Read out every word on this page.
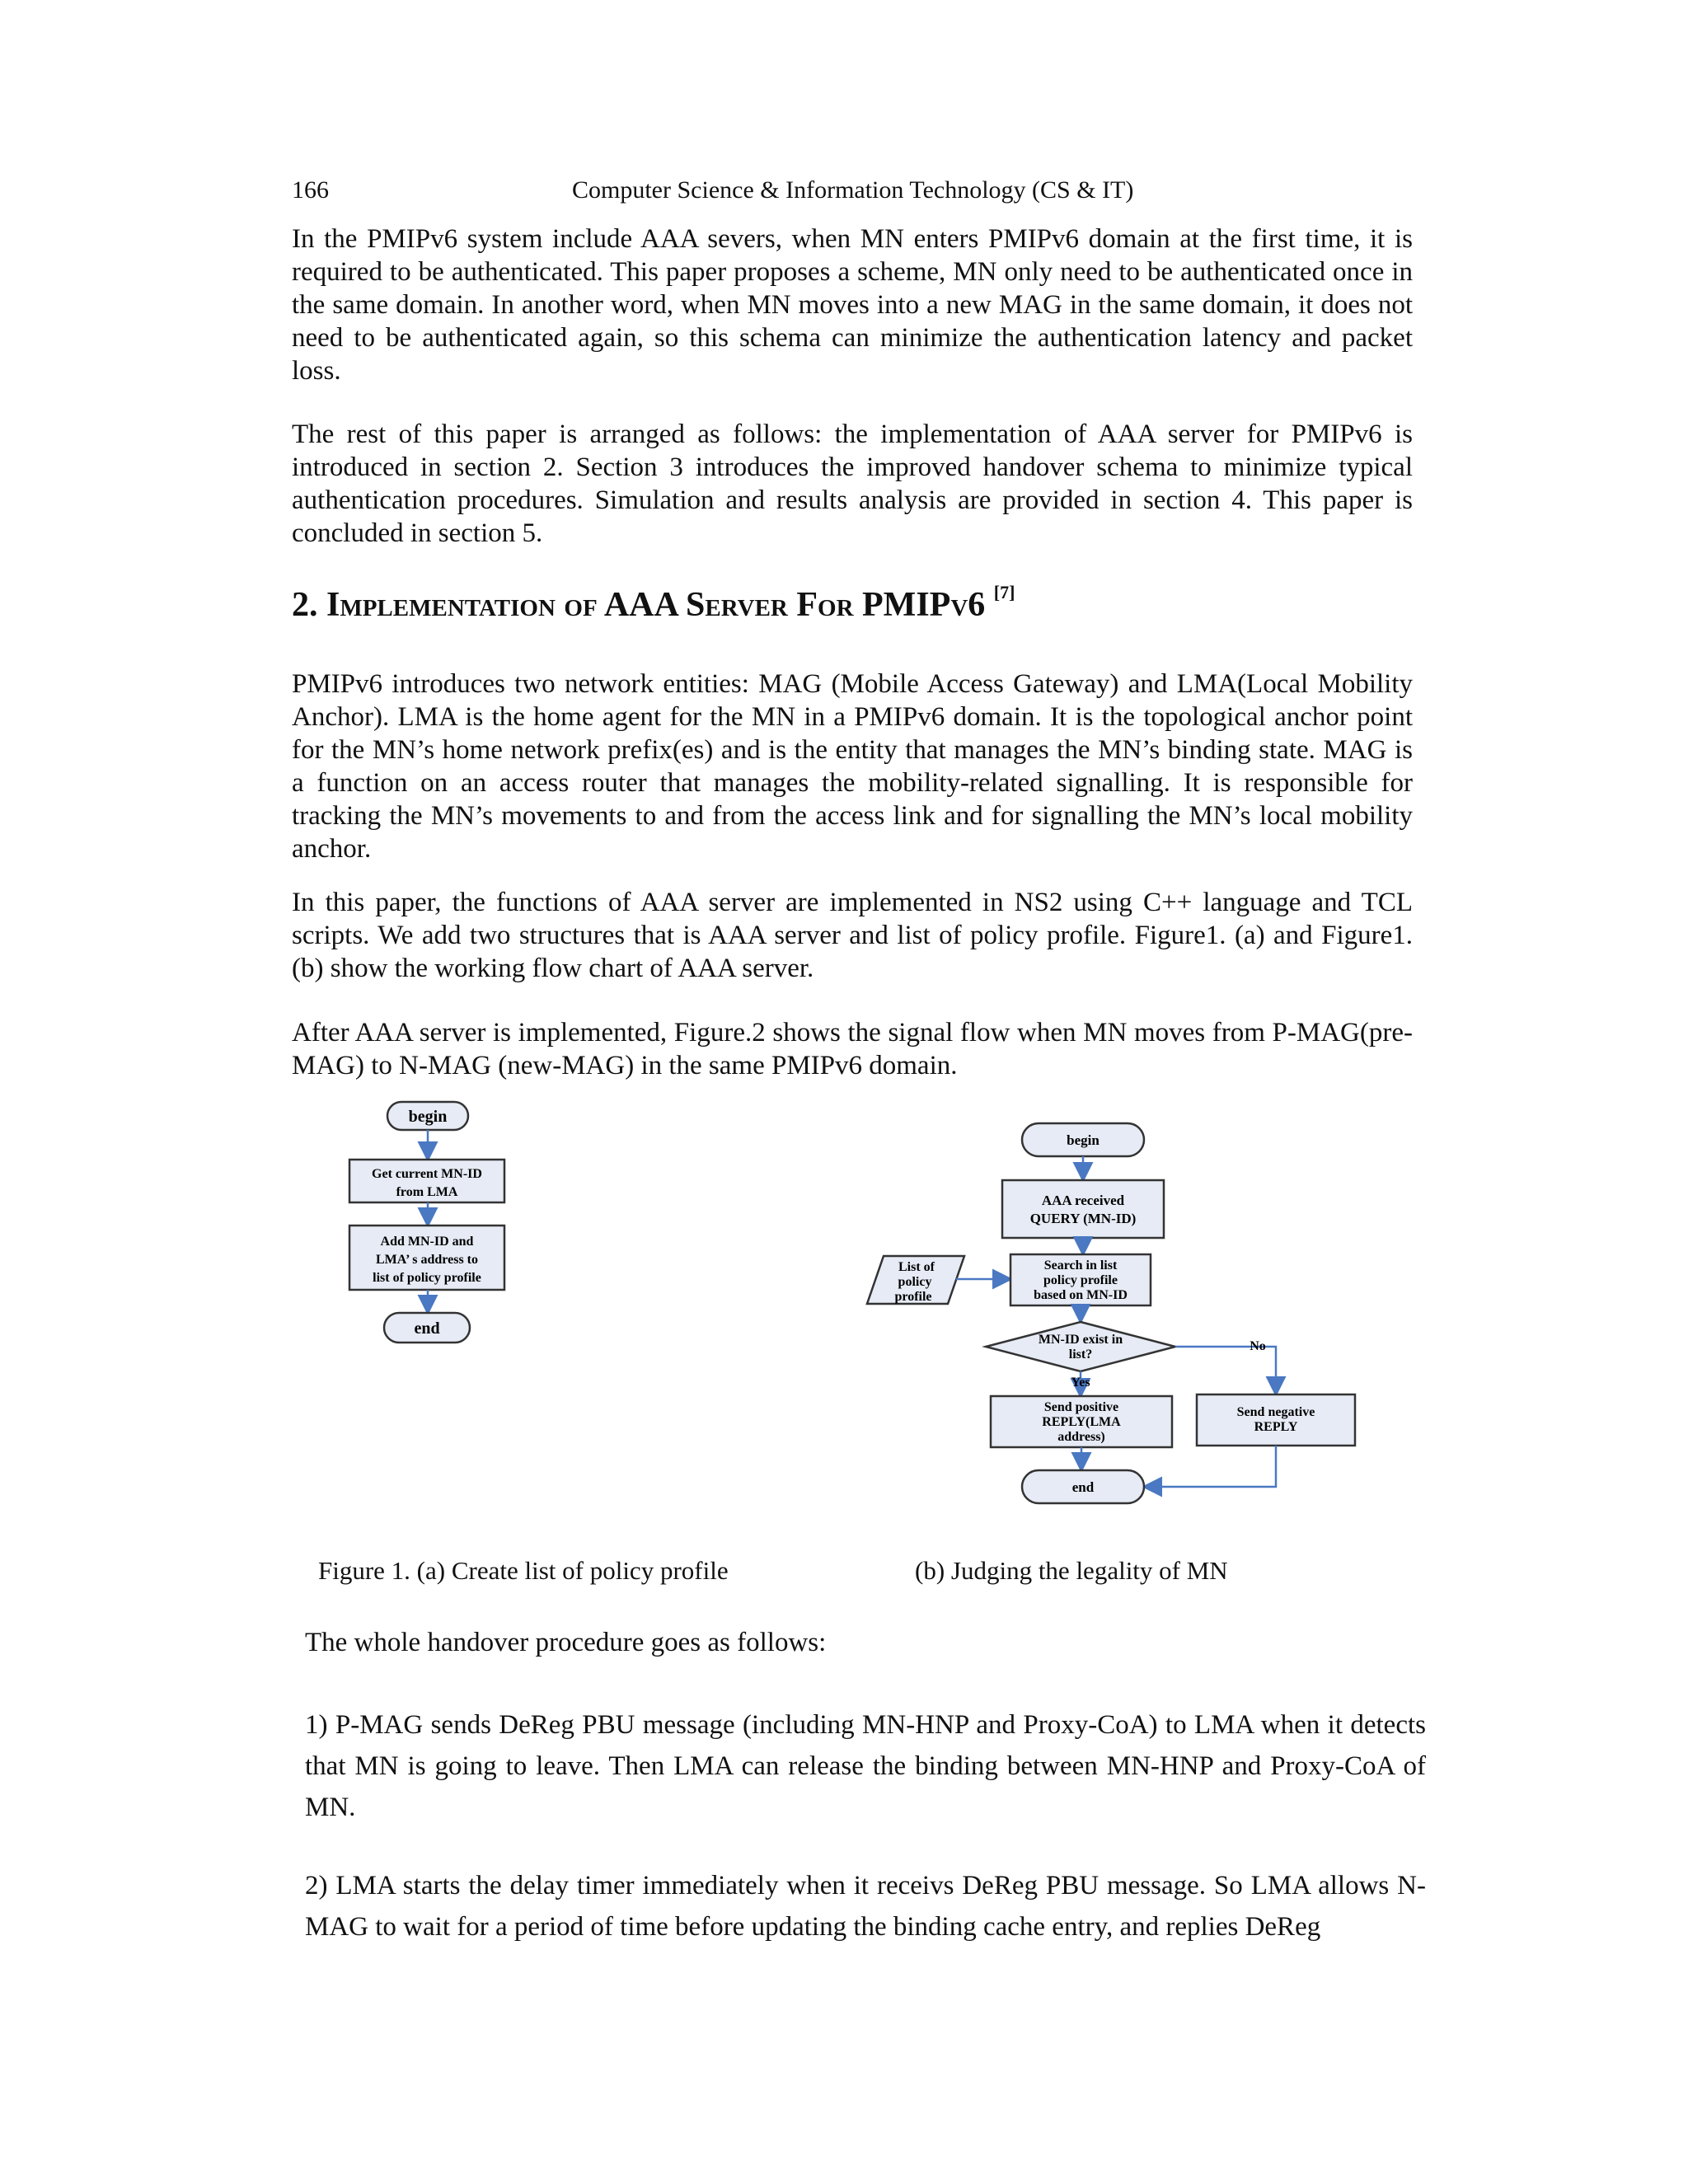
166	Computer Science & Information Technology (CS & IT)

In the PMIPv6 system include AAA severs, when MN enters PMIPv6 domain at the first time, it is required to be authenticated. This paper proposes a scheme, MN only need to be authenticated once in the same domain. In another word, when MN moves into a new MAG in the same domain, it does not need to be authenticated again, so this schema can minimize the authentication latency and packet loss.

The rest of this paper is arranged as follows: the implementation of AAA server for PMIPv6 is introduced in section 2. Section 3 introduces the improved handover schema to minimize typical authentication procedures. Simulation and results analysis are provided in section 4. This paper is concluded in section 5.

2. Implementation of AAA Server For PMIPv6 [7]

PMIPv6 introduces two network entities: MAG (Mobile Access Gateway) and LMA(Local Mobility Anchor). LMA is the home agent for the MN in a PMIPv6 domain. It is the topological anchor point for the MN’s home network prefix(es) and is the entity that manages the MN’s binding state. MAG is a function on an access router that manages the mobility-related signalling. It is responsible for tracking the MN’s movements to and from the access link and for signalling the MN’s local mobility anchor.

In this paper, the functions of AAA server are implemented in NS2 using C++ language and TCL scripts. We add two structures that is AAA server and list of policy profile. Figure1. (a) and Figure1. (b) show the working flow chart of AAA server.

After AAA server is implemented, Figure.2 shows the signal flow when MN moves from P-MAG(pre-MAG) to N-MAG (new-MAG) in the same PMIPv6 domain.

begin
Get current MN-ID
from LMA
Add MN-ID and
LMA’ s address to
list of policy profile
end
begin
AAA received
QUERY (MN-ID)
List of
policy
profile
Search in list
policy profile
based on MN-ID
MN-ID exist in
list?
No
Yes
Send positive
REPLY(LMA
address)
Send negative
REPLY
end
Figure 1. (a) Create list of policy profile	(b) Judging the legality of MN

The whole handover procedure goes as follows:

1) P-MAG sends DeReg PBU message (including MN-HNP and Proxy-CoA) to LMA when it detects that MN is going to leave. Then LMA can release the binding between MN-HNP and Proxy-CoA of MN.

2) LMA starts the delay timer immediately when it receivs DeReg PBU message. So LMA allows N-MAG to wait for a period of time before updating the binding cache entry, and replies DeReg
